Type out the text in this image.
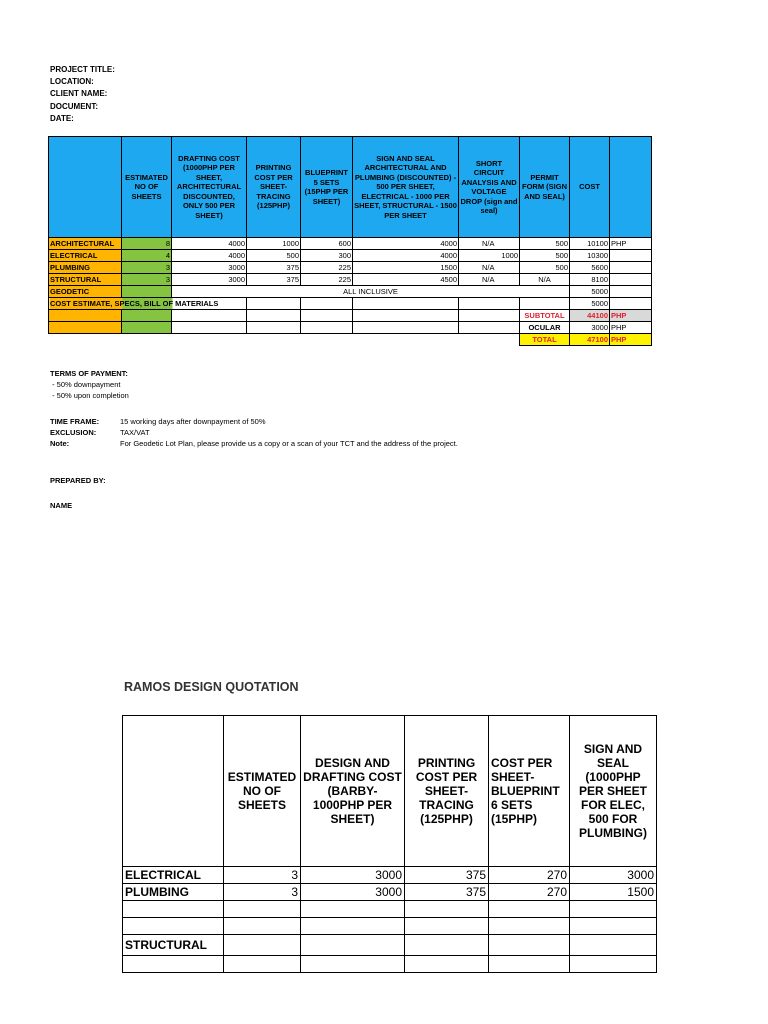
PROJECT TITLE:
LOCATION:
CLIENT NAME:
DOCUMENT:
DATE:
	ESTIMATED NO OF SHEETS	DRAFTING COST (1000PHP PER SHEET, ARCHITECTURAL DISCOUNTED, ONLY 500 PER SHEET)	PRINTING COST PER SHEET- TRACING (125PHP)	BLUEPRINT 5 SETS (15PHP PER SHEET)	SIGN AND SEAL ARCHITECTURAL AND PLUMBING (DISCOUNTED) - 500 PER SHEET, ELECTRICAL - 1000 PER SHEET, STRUCTURAL - 1500 PER SHEET	SHORT CIRCUIT ANALYSIS AND VOLTAGE DROP (sign and seal)	PERMIT FORM (SIGN AND SEAL)	COST	
ARCHITECTURAL	8	4000	1000	600	4000	N/A	500	10100	PHP
ELECTRICAL	4	4000	500	300	4000	1000	500	10300	
PLUMBING	3	3000	375	225	1500	N/A	500	5600	
STRUCTURAL	3	3000	375	225	4500	N/A	N/A	8100	
GEODETIC		ALL INCLUSIVE						5000	
COST ESTIMATE, SPECS, BILL OF MATERIALS								5000	
							SUBTOTAL	44100	PHP
							OCULAR	3000	PHP
							TOTAL	47100	PHP
TERMS OF PAYMENT:
- 50% downpayment
- 50% upon completion
TIME FRAME:	15 working days after downpayment of 50%
EXCLUSION:	TAX/VAT
Note:	For Geodetic Lot Plan, please provide us a copy or a scan of your TCT and the address of the project.
PREPARED BY:
NAME
RAMOS DESIGN QUOTATION
	ESTIMATED NO OF SHEETS	DESIGN AND DRAFTING COST (BARBY-1000PHP PER SHEET)	PRINTING COST PER SHEET- TRACING (125PHP)	COST PER SHEET- BLUEPRINT 6 SETS (15PHP)	SIGN AND SEAL (1000PHP PER SHEET FOR ELEC, 500 FOR PLUMBING)
ELECTRICAL	3	3000	375	270	3000
PLUMBING	3	3000	375	270	1500

STRUCTURAL					
